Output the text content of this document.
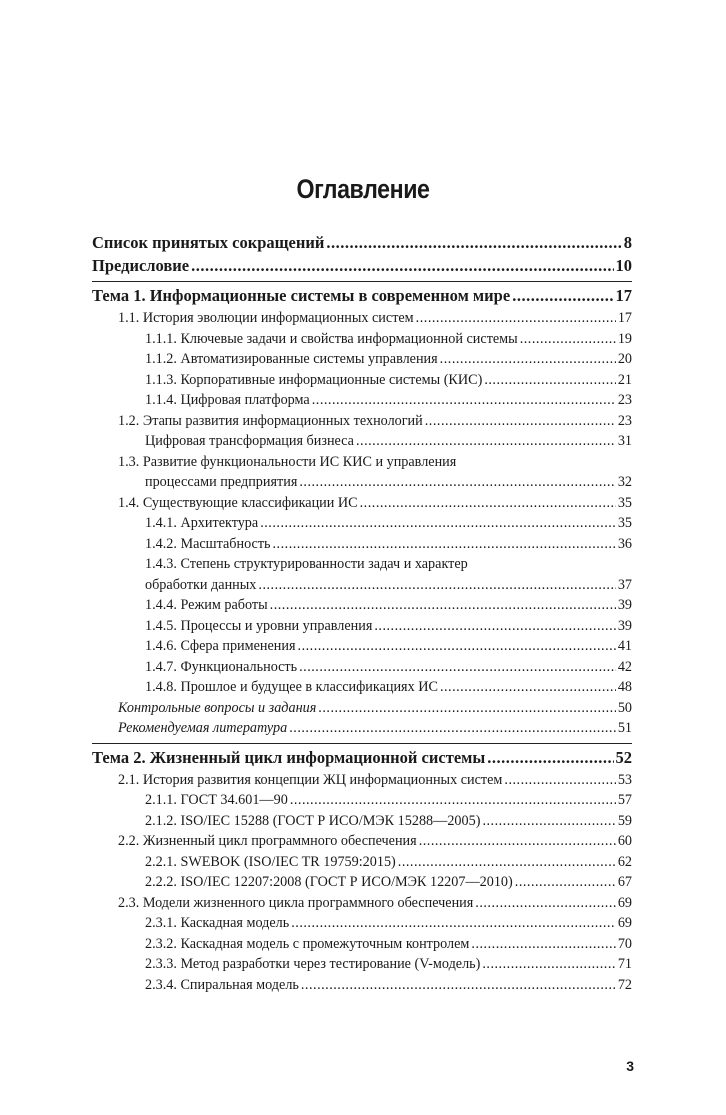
Оглавление
Список принятых сокращений .....	8
Предисловие .....	10
Тема 1. Информационные системы в современном мире .....	17
1.1. История эволюции информационных систем .....	17
1.1.1. Ключевые задачи и свойства информационной системы .....	19
1.1.2. Автоматизированные системы управления .....	20
1.1.3. Корпоративные информационные системы (КИС) .....	21
1.1.4. Цифровая платформа .....	23
1.2. Этапы развития информационных технологий .....	23
Цифровая трансформация бизнеса .....	31
1.3. Развитие функциональности ИС КИС и управления
процессами предприятия .....	32
1.4. Существующие классификации ИС .....	35
1.4.1. Архитектура .....	35
1.4.2. Масштабность .....	36
1.4.3. Степень структурированности задач и характер
обработки данных .....	37
1.4.4. Режим работы .....	39
1.4.5. Процессы и уровни управления .....	39
1.4.6. Сфера применения .....	41
1.4.7. Функциональность .....	42
1.4.8. Прошлое и будущее в классификациях ИС .....	48
Контрольные вопросы и задания .....	50
Рекомендуемая литература .....	51
Тема 2. Жизненный цикл информационной системы .....	52
2.1. История развития концепции ЖЦ информационных систем .....	53
2.1.1. ГОСТ 34.601—90 .....	57
2.1.2. ISO/IEC 15288 (ГОСТ Р ИСО/МЭК 15288—2005) .....	59
2.2. Жизненный цикл программного обеспечения .....	60
2.2.1. SWEBOK (ISO/IEC TR 19759:2015) .....	62
2.2.2. ISO/IEC 12207:2008 (ГОСТ Р ИСО/МЭК 12207—2010) .....	67
2.3. Модели жизненного цикла программного обеспечения .....	69
2.3.1. Каскадная модель .....	69
2.3.2. Каскадная модель с промежуточным контролем .....	70
2.3.3. Метод разработки через тестирование (V-модель) .....	71
2.3.4. Спиральная модель .....	72
3
